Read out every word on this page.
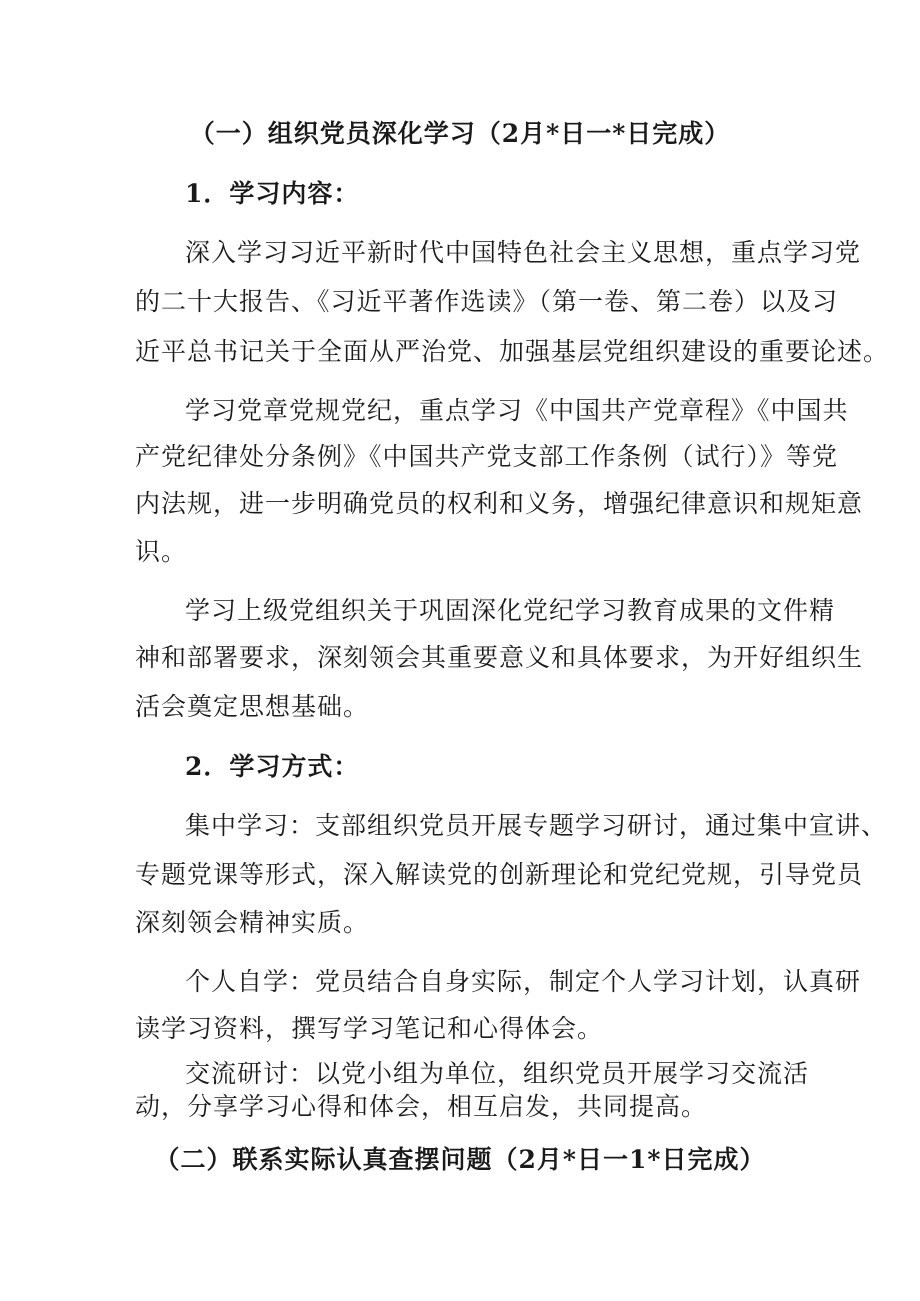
（一）组织党员深化学习（2月*日一*日完成）
1．学习内容：
深入学习习近平新时代中国特色社会主义思想，重点学习党
的二十大报告、《习近平著作选读》（第一卷、第二卷）以及习
近平总书记关于全面从严治党、加强基层党组织建设的重要论述。
学习党章党规党纪，重点学习《中国共产党章程》《中国共
产党纪律处分条例》《中国共产党支部工作条例（试行）》等党
内法规，进一步明确党员的权利和义务，增强纪律意识和规矩意
识。
学习上级党组织关于巩固深化党纪学习教育成果的文件精
神和部署要求，深刻领会其重要意义和具体要求，为开好组织生
活会奠定思想基础。
2．学习方式：
集中学习：支部组织党员开展专题学习研讨，通过集中宣讲、
专题党课等形式，深入解读党的创新理论和党纪党规，引导党员
深刻领会精神实质。
个人自学：党员结合自身实际，制定个人学习计划，认真研
读学习资料，撰写学习笔记和心得体会。
交流研讨：以党小组为单位，组织党员开展学习交流活
动，分享学习心得和体会，相互启发，共同提高。
（二）联系实际认真查摆问题（2月*日一1*日完成）
